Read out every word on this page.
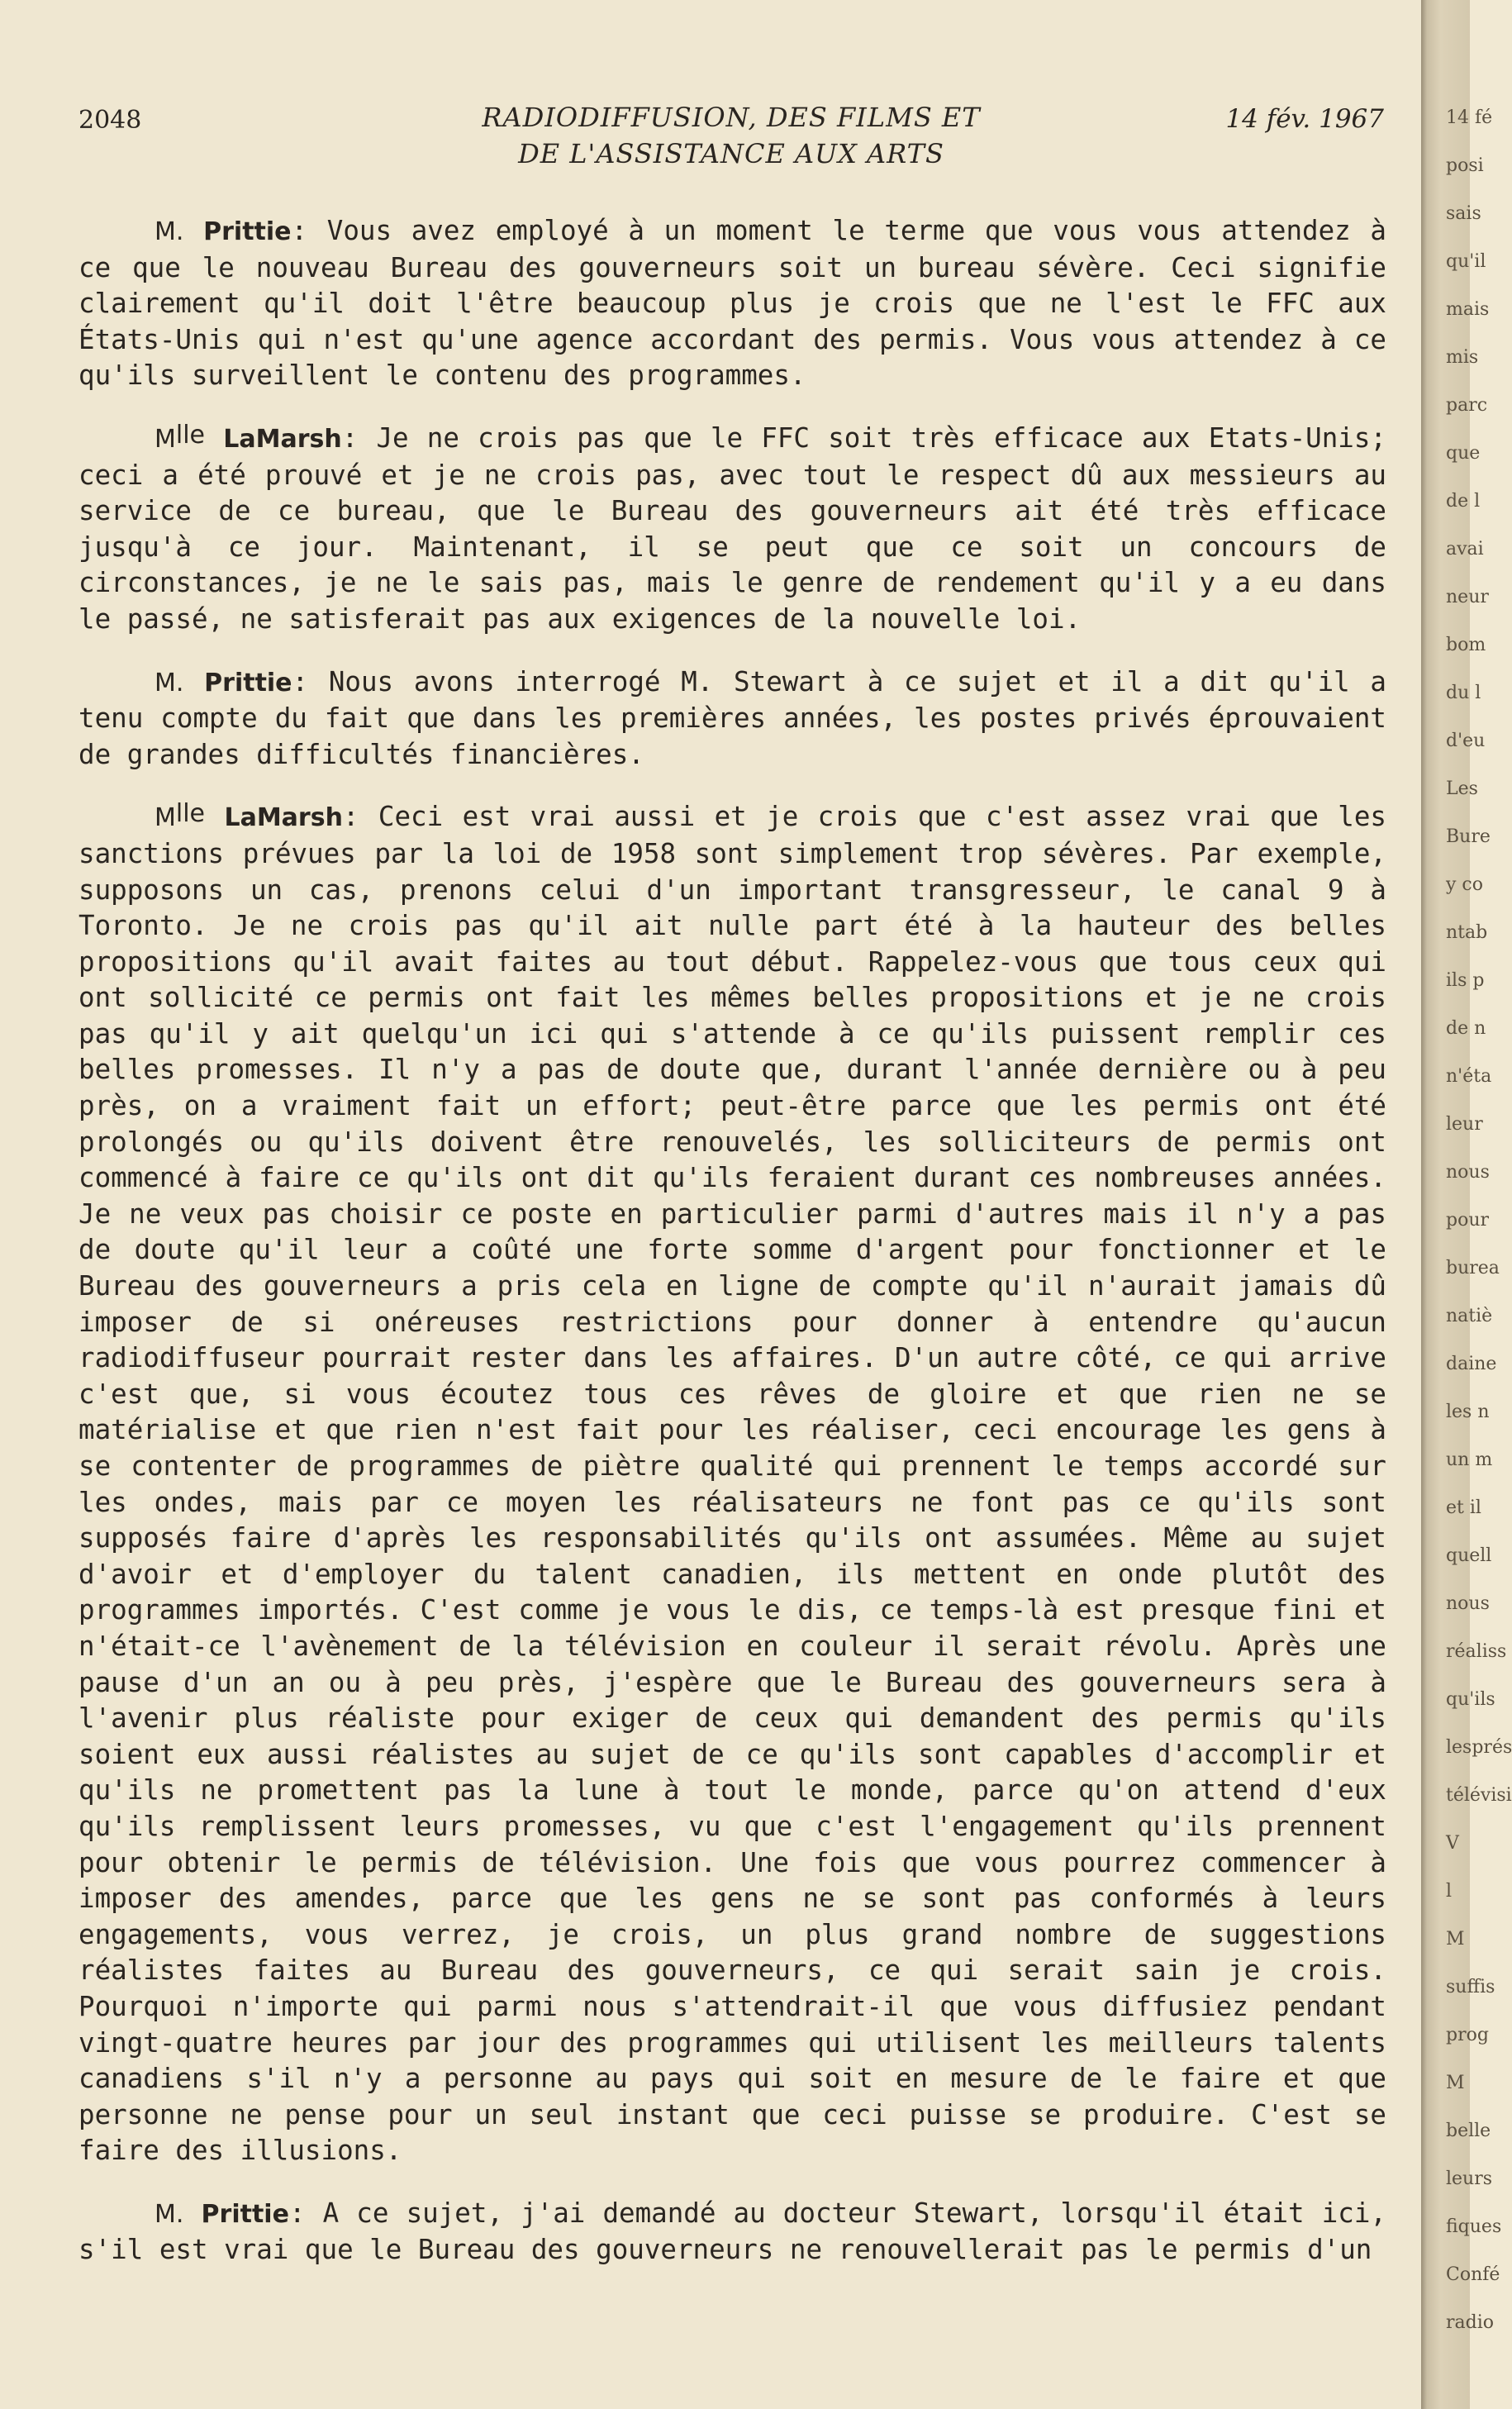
2048	RADIODIFFUSION, DES FILMS ET
DE L'ASSISTANCE AUX ARTS
14 fév. 1967

M. Prittie: Vous avez employé à un moment le terme que vous vous attendez à ce que le nouveau Bureau des gouverneurs soit un bureau sévère. Ceci signifie clairement qu'il doit l'être beaucoup plus je crois que ne l'est le FFC aux États-Unis qui n'est qu'une agence accordant des permis. Vous vous attendez à ce qu'ils surveillent le contenu des programmes.

$M^{lle}$ LaMarsh: Je ne crois pas que le FFC soit très efficace aux Etats-Unis; ceci a été prouvé et je ne crois pas, avec tout le respect dû aux messieurs au service de ce bureau, que le Bureau des gouverneurs ait été très efficace jusqu'à ce jour. Maintenant, il se peut que ce soit un concours de circonstances, je ne le sais pas, mais le genre de rendement qu'il y a eu dans le passé, ne satisferait pas aux exigences de la nouvelle loi.

M. Prittie: Nous avons interrogé M. Stewart à ce sujet et il a dit qu'il a tenu compte du fait que dans les premières années, les postes privés éprouvaient de grandes difficultés financières.

$M^{lle}$ LaMarsh: Ceci est vrai aussi et je crois que c'est assez vrai que les sanctions prévues par la loi de 1958 sont simplement trop sévères. Par exemple, supposons un cas, prenons celui d'un important transgresseur, le canal 9 à Toronto. Je ne crois pas qu'il ait nulle part été à la hauteur des belles propositions qu'il avait faites au tout début. Rappelez-vous que tous ceux qui ont sollicité ce permis ont fait les mêmes belles propositions et je ne crois pas qu'il y ait quelqu'un ici qui s'attende à ce qu'ils puissent remplir ces belles promesses. Il n'y a pas de doute que, durant l'année dernière ou à peu près, on a vraiment fait un effort; peut-être parce que les permis ont été prolongés ou qu'ils doivent être renouvelés, les solliciteurs de permis ont commencé à faire ce qu'ils ont dit qu'ils feraient durant ces nombreuses années. Je ne veux pas choisir ce poste en particulier parmi d'autres mais il n'y a pas de doute qu'il leur a coûté une forte somme d'argent pour fonctionner et le Bureau des gouverneurs a pris cela en ligne de compte qu'il n'aurait jamais dû imposer de si onéreuses restrictions pour donner à entendre qu'aucun radiodiffuseur pourrait rester dans les affaires. D'un autre côté, ce qui arrive c'est que, si vous écoutez tous ces rêves de gloire et que rien ne se matérialise et que rien n'est fait pour les réaliser, ceci encourage les gens à se contenter de programmes de piètre qualité qui prennent le temps accordé sur les ondes, mais par ce moyen les réalisateurs ne font pas ce qu'ils sont supposés faire d'après les responsabilités qu'ils ont assumées. Même au sujet d'avoir et d'employer du talent canadien, ils mettent en onde plutôt des programmes importés. C'est comme je vous le dis, ce temps-là est presque fini et n'était-ce l'avènement de la télévision en couleur il serait révolu. Après une pause d'un an ou à peu près, j'espère que le Bureau des gouverneurs sera à l'avenir plus réaliste pour exiger de ceux qui demandent des permis qu'ils soient eux aussi réalistes au sujet de ce qu'ils sont capables d'accomplir et qu'ils ne promettent pas la lune à tout le monde, parce qu'on attend d'eux qu'ils remplissent leurs promesses, vu que c'est l'engagement qu'ils prennent pour obtenir le permis de télévision. Une fois que vous pourrez commencer à imposer des amendes, parce que les gens ne se sont pas conformés à leurs engagements, vous verrez, je crois, un plus grand nombre de suggestions réalistes faites au Bureau des gouverneurs, ce qui serait sain je crois. Pourquoi n'importe qui parmi nous s'attendrait-il que vous diffusiez pendant vingt-quatre heures par jour des programmes qui utilisent les meilleurs talents canadiens s'il n'y a personne au pays qui soit en mesure de le faire et que personne ne pense pour un seul instant que ceci puisse se produire. C'est se faire des illusions.

M. Prittie: A ce sujet, j'ai demandé au docteur Stewart, lorsqu'il était ici, s'il est vrai que le Bureau des gouverneurs ne renouvellerait pas le permis d'un

14 fé
posi
sais
qu'il
mais
mis
parc
que
de l
avai
neur
bom
du l
d'eu
Les
Bure
y co
ntab
ils p
de n
n'éta
leur
nous
pour
burea
natiè
daine
les n
un m
et il
quell
nous
réaliss
qu'ils
lesprés
télévisi
V
l
M
suffis
prog
M
belle
leurs
fiques
Confé
radio
